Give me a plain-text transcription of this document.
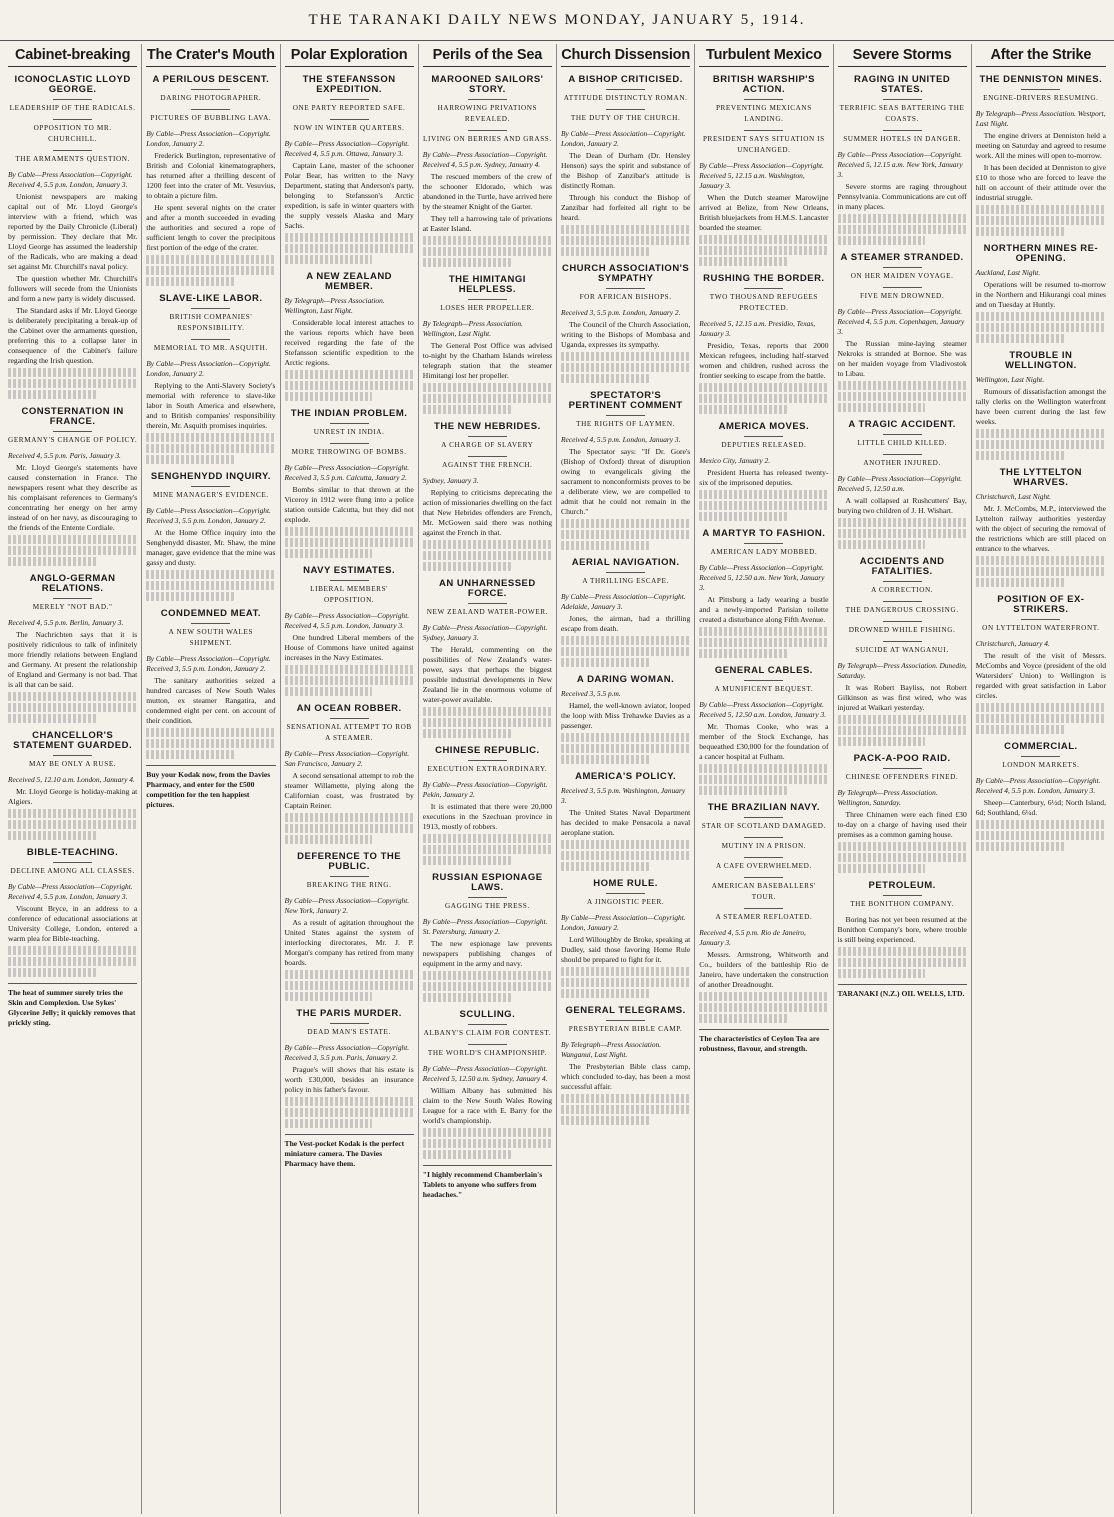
THE TARANAKI DAILY NEWS MONDAY, JANUARY 5, 1914.
Cabinet-breaking
ICONOCLASTIC LLOYD GEORGE.
LEADERSHIP OF THE RADICALS.
OPPOSITION TO MR. CHURCHILL.
THE ARMAMENTS QUESTION.
By Cable—Press Association—Copyright. Received 4, 5.5 p.m. London, January 3.

Unionist newspapers are making capital out of Mr. Lloyd George's interview with a friend, which was reported by the Daily Chronicle (Liberal) by permission. They declare that Mr. Lloyd George has assumed the leadership of the Radicals, who are making a dead set against Mr. Churchill's naval policy.

The question whether Mr. Churchill's followers will secede from the Unionists and form a new party is widely discussed.

The Standard asks if Mr. Lloyd George is deliberately precipitating a break-up of the Cabinet over the armaments question, preferring this to a collapse later in consequence of the Cabinet's failure regarding the Irish question.

CONSTERNATION IN FRANCE.
GERMANY'S CHANGE OF POLICY.
Received 4, 5.5 p.m. Paris, January 3.

Mr. Lloyd George's statements have caused consternation in France. The newspapers resent what they describe as his complaisant references to Germany's concentrating her energy on her army instead of on her navy, as discouraging to the friends of the Entente Cordiale.

ANGLO-GERMAN RELATIONS.
MERELY "NOT BAD."
Received 4, 5.5 p.m. Berlin, January 3.

The Nachrichten says that it is positively ridiculous to talk of infinitely more friendly relations between England and Germany. At present the relationship of England and Germany is not bad. That is all that can be said.

CHANCELLOR'S STATEMENT GUARDED.
MAY BE ONLY A RUSE.
Received 5, 12.10 a.m. London, January 4.

Mr. Lloyd George is holiday-making at Algiers.

BIBLE-TEACHING.
DECLINE AMONG ALL CLASSES.
By Cable—Press Association—Copyright. Received 4, 5.5 p.m. London, January 3.

Viscount Bryce, in an address to a conference of educational associations at University College, London, entered a warm plea for Bible-teaching.

The heat of summer surely tries the Skin and Complexion. Use Sykes' Glycerine Jelly; it quickly removes that prickly sting.
The Crater's Mouth
A PERILOUS DESCENT.
DARING PHOTOGRAPHER.
PICTURES OF BUBBLING LAVA.
By Cable—Press Association—Copyright. London, January 2.

Frederick Burlington, representative of British and Colonial kinematographers, has returned after a thrilling descent of 1200 feet into the crater of Mt. Vesuvius, to obtain a picture film.

He spent several nights on the crater and after a month succeeded in evading the authorities and secured a rope of sufficient length to cover the precipitous first portion of the edge of the crater.

SLAVE-LIKE LABOR.
BRITISH COMPANIES' RESPONSIBILITY.
MEMORIAL TO MR. ASQUITH.
By Cable—Press Association—Copyright. London, January 2.

Replying to the Anti-Slavery Society's memorial with reference to slave-like labor in South America and elsewhere, and to British companies' responsibility therein, Mr. Asquith promises inquiries.

SENGHENYDD INQUIRY.
MINE MANAGER'S EVIDENCE.
By Cable—Press Association—Copyright. Received 3, 5.5 p.m. London, January 2.

At the Home Office inquiry into the Senghenydd disaster, Mr. Shaw, the mine manager, gave evidence that the mine was gassy and dusty.

CONDEMNED MEAT.
A NEW SOUTH WALES SHIPMENT.
By Cable—Press Association—Copyright. Received 3, 5.5 p.m. London, January 2.

The sanitary authorities seized a hundred carcases of New South Wales mutton, ex steamer Rangatira, and condemned eight per cent. on account of their condition.

Buy your Kodak now, from the Davies Pharmacy, and enter for the £500 competition for the ten happiest pictures.
Polar Exploration
THE STEFANSSON EXPEDITION.
ONE PARTY REPORTED SAFE.
NOW IN WINTER QUARTERS.
By Cable—Press Association—Copyright. Received 4, 5.5 p.m. Ottawa, January 3.

Captain Lane, master of the schooner Polar Bear, has written to the Navy Department, stating that Anderson's party, belonging to Stefansson's Arctic expedition, is safe in winter quarters with the supply vessels Alaska and Mary Sachs.

A NEW ZEALAND MEMBER.
By Telegraph—Press Association. Wellington, Last Night.

Considerable local interest attaches to the various reports which have been received regarding the fate of the Stefansson scientific expedition to the Arctic regions.

THE INDIAN PROBLEM.
UNREST IN INDIA.
MORE THROWING OF BOMBS.
By Cable—Press Association—Copyright. Received 3, 5.5 p.m. Calcutta, January 2.

Bombs similar to that thrown at the Viceroy in 1912 were flung into a police station outside Calcutta, but they did not explode.

NAVY ESTIMATES.
LIBERAL MEMBERS' OPPOSITION.
By Cable—Press Association—Copyright. Received 4, 5.5 p.m. London, January 3.

One hundred Liberal members of the House of Commons have united against increases in the Navy Estimates.

AN OCEAN ROBBER.
SENSATIONAL ATTEMPT TO ROB A STEAMER.
By Cable—Press Association—Copyright. San Francisco, January 2.

A second sensational attempt to rob the steamer Willamette, plying along the Californian coast, was frustrated by Captain Reiner.

DEFERENCE TO THE PUBLIC.
BREAKING THE RING.
By Cable—Press Association—Copyright. New York, January 2.

As a result of agitation throughout the United States against the system of interlocking directorates, Mr. J. P. Morgan's company has retired from many boards.

THE PARIS MURDER.
DEAD MAN'S ESTATE.
By Cable—Press Association—Copyright. Received 3, 5.5 p.m. Paris, January 2.

Prague's will shows that his estate is worth £30,000, besides an insurance policy in his father's favour.

The Vest-pocket Kodak is the perfect miniature camera. The Davies Pharmacy have them.
Perils of the Sea
MAROONED SAILORS' STORY.
HARROWING PRIVATIONS REVEALED.
LIVING ON BERRIES AND GRASS.
By Cable—Press Association—Copyright. Received 4, 5.5 p.m. Sydney, January 4.

The rescued members of the crew of the schooner Eldorado, which was abandoned in the Turtle, have arrived here by the steamer Knight of the Garter.

They tell a harrowing tale of privations at Easter Island.

THE HIMITANGI HELPLESS.
LOSES HER PROPELLER.
By Telegraph—Press Association. Wellington, Last Night.

The General Post Office was advised to-night by the Chatham Islands wireless telegraph station that the steamer Himitangi lost her propeller.

THE NEW HEBRIDES.
A CHARGE OF SLAVERY
AGAINST THE FRENCH.
Sydney, January 3.

Replying to criticisms deprecating the action of missionaries dwelling on the fact that New Hebrides offenders are French, Mr. McGowen said there was nothing against the French in that.

AN UNHARNESSED FORCE.
NEW ZEALAND WATER-POWER.
By Cable—Press Association—Copyright. Sydney, January 3.

The Herald, commenting on the possibilities of New Zealand's water-power, says that perhaps the biggest possible industrial developments in New Zealand lie in the enormous volume of water-power available.

CHINESE REPUBLIC.
EXECUTION EXTRAORDINARY.
By Cable—Press Association—Copyright. Pekin, January 2.

It is estimated that there were 20,000 executions in the Szechuan province in 1913, mostly of robbers.

RUSSIAN ESPIONAGE LAWS.
GAGGING THE PRESS.
By Cable—Press Association—Copyright. St. Petersburg, January 2.

The new espionage law prevents newspapers publishing changes of equipment in the army and navy.

SCULLING.
ALBANY'S CLAIM FOR CONTEST.
THE WORLD'S CHAMPIONSHIP.
By Cable—Press Association—Copyright. Received 5, 12.50 a.m. Sydney, January 4.

William Albany has submitted his claim to the New South Wales Rowing League for a race with E. Barry for the world's championship.

"I highly recommend Chamberlain's Tablets to anyone who suffers from headaches."
Church Dissension
A BISHOP CRITICISED.
ATTITUDE DISTINCTLY ROMAN.
THE DUTY OF THE CHURCH.
By Cable—Press Association—Copyright. London, January 2.

The Dean of Durham (Dr. Hensley Henson) says the spirit and substance of the Bishop of Zanzibar's attitude is distinctly Roman.

Through his conduct the Bishop of Zanzibar had forfeited all right to be heard.

CHURCH ASSOCIATION'S SYMPATHY
FOR AFRICAN BISHOPS.
Received 3, 5.5 p.m. London, January 2.

The Council of the Church Association, writing to the Bishops of Mombasa and Uganda, expresses its sympathy.

SPECTATOR'S PERTINENT COMMENT
THE RIGHTS OF LAYMEN.
Received 4, 5.5 p.m. London, January 3.

The Spectator says: "If Dr. Gore's (Bishop of Oxford) threat of disruption owing to evangelicals giving the sacrament to nonconformists proves to be a deliberate view, we are compelled to admit that he could not remain in the Church."

AERIAL NAVIGATION.
A THRILLING ESCAPE.
By Cable—Press Association—Copyright. Adelaide, January 3.

Jones, the airman, had a thrilling escape from death.

A DARING WOMAN.
Received 3, 5.5 p.m.

Hamel, the well-known aviator, looped the loop with Miss Trehawke Davies as a passenger.

AMERICA'S POLICY.
Received 3, 5.5 p.m. Washington, January 3.

The United States Naval Department has decided to make Pensacola a naval aeroplane station.

HOME RULE.
A JINGOISTIC PEER.
By Cable—Press Association—Copyright. London, January 2.

Lord Willoughby de Broke, speaking at Dudley, said those favoring Home Rule should be prepared to fight for it.

GENERAL TELEGRAMS.
PRESBYTERIAN BIBLE CAMP.
By Telegraph—Press Association. Wanganui, Last Night.

The Presbyterian Bible class camp, which concluded to-day, has been a most successful affair.

Turbulent Mexico
BRITISH WARSHIP'S ACTION.
PREVENTING MEXICANS LANDING.
PRESIDENT SAYS SITUATION IS UNCHANGED.
By Cable—Press Association—Copyright. Received 5, 12.15 a.m. Washington, January 3.

When the Dutch steamer Marowijne arrived at Belize, from New Orleans, British bluejackets from H.M.S. Lancaster boarded the steamer.

RUSHING THE BORDER.
TWO THOUSAND REFUGEES PROTECTED.
Received 5, 12.15 a.m. Presidio, Texas, January 3.

Presidio, Texas, reports that 2000 Mexican refugees, including half-starved women and children, rushed across the frontier seeking to escape from the battle.

AMERICA MOVES.
DEPUTIES RELEASED.
Mexico City, January 2.

President Huerta has released twenty-six of the imprisoned deputies.

A MARTYR TO FASHION.
AMERICAN LADY MOBBED.
By Cable—Press Association—Copyright. Received 5, 12.50 a.m. New York, January 3.

At Pittsburg a lady wearing a bustle and a newly-imported Parisian toilette created a disturbance along Fifth Avenue.

GENERAL CABLES.
A MUNIFICENT BEQUEST.
By Cable—Press Association—Copyright. Received 5, 12.50 a.m. London, January 3.

Mr. Thomas Cooke, who was a member of the Stock Exchange, has bequeathed £30,000 for the foundation of a cancer hospital at Fulham.

THE BRAZILIAN NAVY.
STAR OF SCOTLAND DAMAGED.
MUTINY IN A PRISON.
A CAFE OVERWHELMED.
AMERICAN BASEBALLERS' TOUR.
A STEAMER REFLOATED.
Received 4, 5.5 p.m. Rio de Janeiro, January 3.

Messrs. Armstrong, Whitworth and Co., builders of the battleship Rio de Janeiro, have undertaken the construction of another Dreadnought.

The characteristics of Ceylon Tea are robustness, flavour, and strength.
Severe Storms
RAGING IN UNITED STATES.
TERRIFIC SEAS BATTERING THE COASTS.
SUMMER HOTELS IN DANGER.
By Cable—Press Association—Copyright. Received 5, 12.15 a.m. New York, January 3.

Severe storms are raging throughout Pennsylvania. Communications are cut off in many places.

A STEAMER STRANDED.
ON HER MAIDEN VOYAGE.
FIVE MEN DROWNED.
By Cable—Press Association—Copyright. Received 4, 5.5 p.m. Copenhagen, January 3.

The Russian mine-laying steamer Nekroks is stranded at Bornoe. She was on her maiden voyage from Vladivostok to Libau.

A TRAGIC ACCIDENT.
LITTLE CHILD KILLED.
ANOTHER INJURED.
By Cable—Press Association—Copyright. Received 5, 12.50 a.m.

A wall collapsed at Rushcutters' Bay, burying two children of J. H. Wishart.

ACCIDENTS AND FATALITIES.
A CORRECTION.
THE DANGEROUS CROSSING.
DROWNED WHILE FISHING.
SUICIDE AT WANGANUI.
By Telegraph—Press Association. Dunedin, Saturday.

It was Robert Bayliss, not Robert Gilkinson as was first wired, who was injured at Waikari yesterday.

PACK-A-POO RAID.
CHINESE OFFENDERS FINED.
By Telegraph—Press Association. Wellington, Saturday.

Three Chinamen were each fined £30 to-day on a charge of having used their premises as a common gaming house.

PETROLEUM.
THE BONITHON COMPANY.

Boring has not yet been resumed at the Bonithon Company's bore, where trouble is still being experienced.

TARANAKI (N.Z.) OIL WELLS, LTD.
After the Strike
THE DENNISTON MINES.
ENGINE-DRIVERS RESUMING.
By Telegraph—Press Association. Westport, Last Night.

The engine drivers at Denniston held a meeting on Saturday and agreed to resume work. All the mines will open to-morrow.

It has been decided at Denniston to give £10 to those who are forced to leave the hill on account of their attitude over the industrial struggle.

NORTHERN MINES RE-OPENING.
Auckland, Last Night.

Operations will be resumed to-morrow in the Northern and Hikurangi coal mines and on Tuesday at Huntly.

TROUBLE IN WELLINGTON.
Wellington, Last Night.

Rumours of dissatisfaction amongst the tally clerks on the Wellington waterfront have been current during the last few weeks.

THE LYTTELTON WHARVES.
Christchurch, Last Night.

Mr. J. McCombs, M.P., interviewed the Lyttelton railway authorities yesterday with the object of securing the removal of the restrictions which are still placed on entrance to the wharves.

POSITION OF EX-STRIKERS.
ON LYTTELTON WATERFRONT.
Christchurch, January 4.

The result of the visit of Messrs. McCombs and Voyce (president of the old Watersiders' Union) to Wellington is regarded with great satisfaction in Labor circles.

COMMERCIAL.
LONDON MARKETS.
By Cable—Press Association—Copyright. Received 4, 5.5 p.m. London, January 3.

Sheep—Canterbury, 6½d; North Island, 6d; Southland, 6¼d.
